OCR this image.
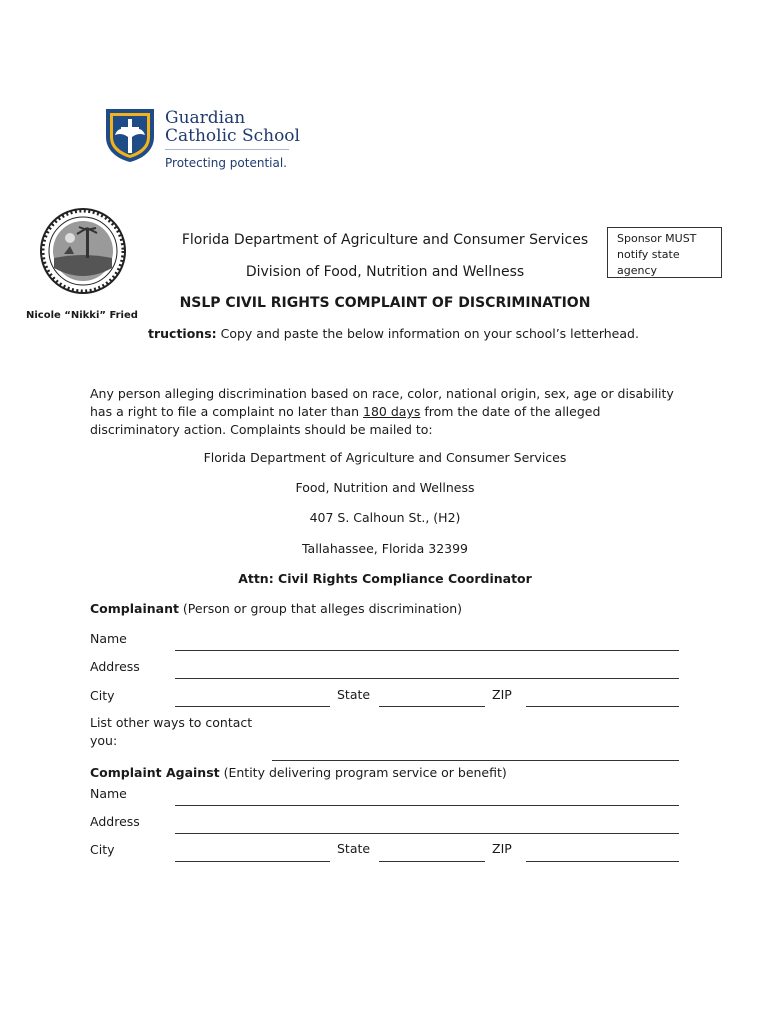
Guardian
Catholic School
Protecting potential.
Nicole “Nikki” Fried
Florida Department of Agriculture and Consumer Services
Division of Food, Nutrition and Wellness
NSLP CIVIL RIGHTS COMPLAINT OF DISCRIMINATION
Sponsor MUST notify state agency
tructions: Copy and paste the below information on your school’s letterhead.
Any person alleging discrimination based on race, color, national origin, sex, age or disability has a right to file a complaint no later than 180 days from the date of the alleged discriminatory action. Complaints should be mailed to:
Florida Department of Agriculture and Consumer Services
Food, Nutrition and Wellness
407 S. Calhoun St., (H2)
Tallahassee, Florida 32399
Attn: Civil Rights Compliance Coordinator
Complainant (Person or group that alleges discrimination)
Name
Address
City	State	ZIP
List other ways to contact you:
Complaint Against (Entity delivering program service or benefit)
Name
Address
City	State	ZIP
